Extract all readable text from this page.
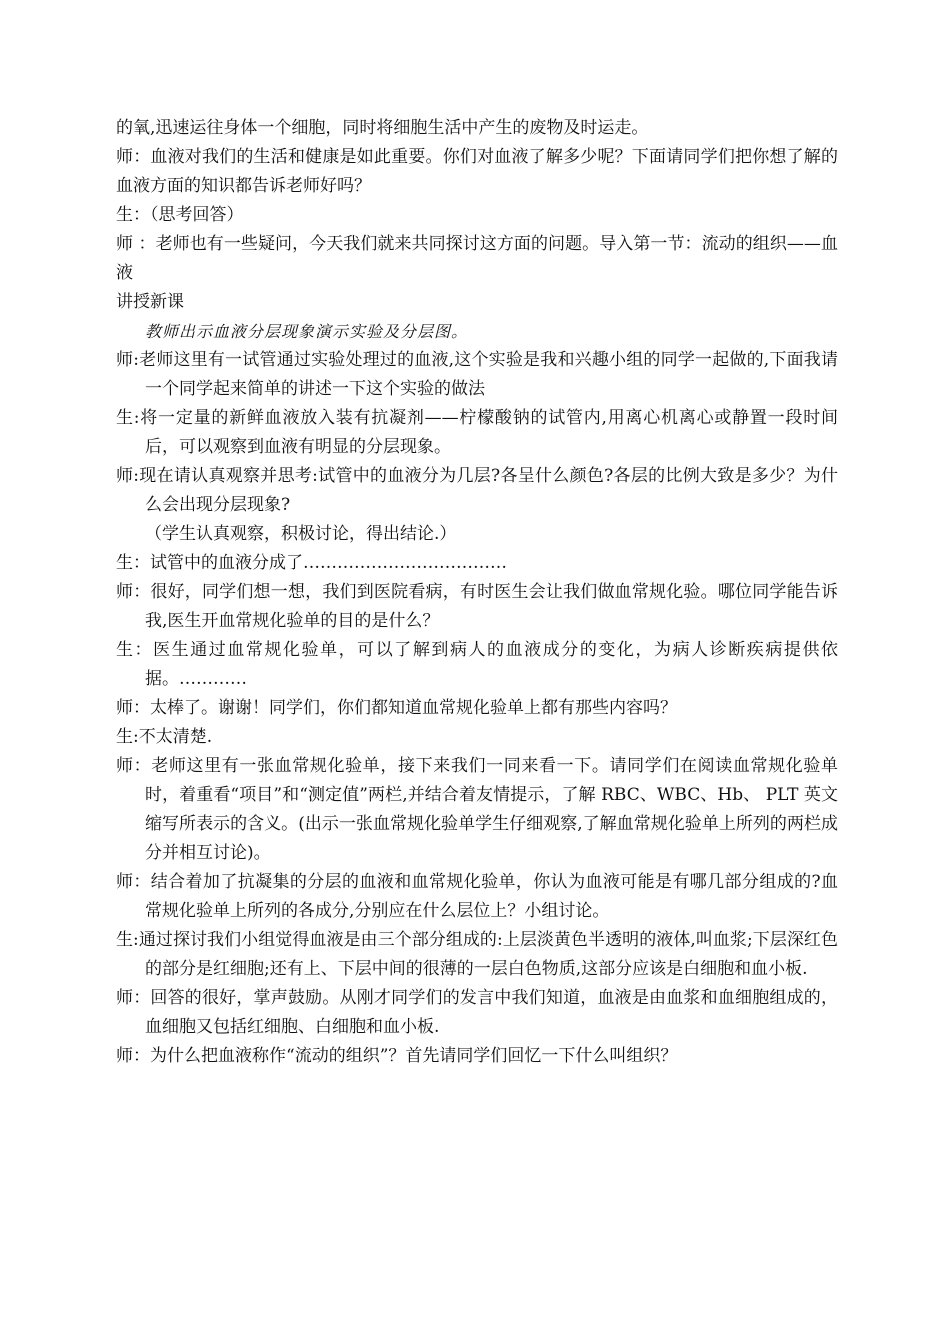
的氧,迅速运往身体一个细胞，同时将细胞生活中产生的废物及时运走。

师：血液对我们的生活和健康是如此重要。你们对血液了解多少呢？下面请同学们把你想了解的血液方面的知识都告诉老师好吗？

生：（思考回答）

师 ：老师也有一些疑问，今天我们就来共同探讨这方面的问题。导入第一节：流动的组织——血液

讲授新课

教师出示血液分层现象演示实验及分层图。

师:老师这里有一试管通过实验处理过的血液,这个实验是我和兴趣小组的同学一起做的,下面我请一个同学起来简单的讲述一下这个实验的做法

生:将一定量的新鲜血液放入装有抗凝剂——柠檬酸钠的试管内,用离心机离心或静置一段时间后，可以观察到血液有明显的分层现象。

师:现在请认真观察并思考:试管中的血液分为几层?各呈什么颜色?各层的比例大致是多少？为什么会出现分层现象?

（学生认真观察，积极讨论，得出结论.）

生：试管中的血液分成了………………………………

师：很好，同学们想一想，我们到医院看病，有时医生会让我们做血常规化验。哪位同学能告诉我,医生开血常规化验单的目的是什么？

生：医生通过血常规化验单，可以了解到病人的血液成分的变化，为病人诊断疾病提供依据。…………

师：太棒了。谢谢！同学们，你们都知道血常规化验单上都有那些内容吗？

生:不太清楚.

师：老师这里有一张血常规化验单，接下来我们一同来看一下。请同学们在阅读血常规化验单时，着重看“项目”和“测定值”两栏,并结合着友情提示，了解 RBC、WBC、Hb、 PLT 英文缩写所表示的含义。(出示一张血常规化验单学生仔细观察,了解血常规化验单上所列的两栏成分并相互讨论)。

师：结合着加了抗凝集的分层的血液和血常规化验单，你认为血液可能是有哪几部分组成的?血常规化验单上所列的各成分,分别应在什么层位上？小组讨论。

生:通过探讨我们小组觉得血液是由三个部分组成的:上层淡黄色半透明的液体,叫血浆;下层深红色的部分是红细胞;还有上、下层中间的很薄的一层白色物质,这部分应该是白细胞和血小板.

师：回答的很好，掌声鼓励。从刚才同学们的发言中我们知道，血液是由血浆和血细胞组成的，血细胞又包括红细胞、白细胞和血小板.

师：为什么把血液称作“流动的组织”？首先请同学们回忆一下什么叫组织？
